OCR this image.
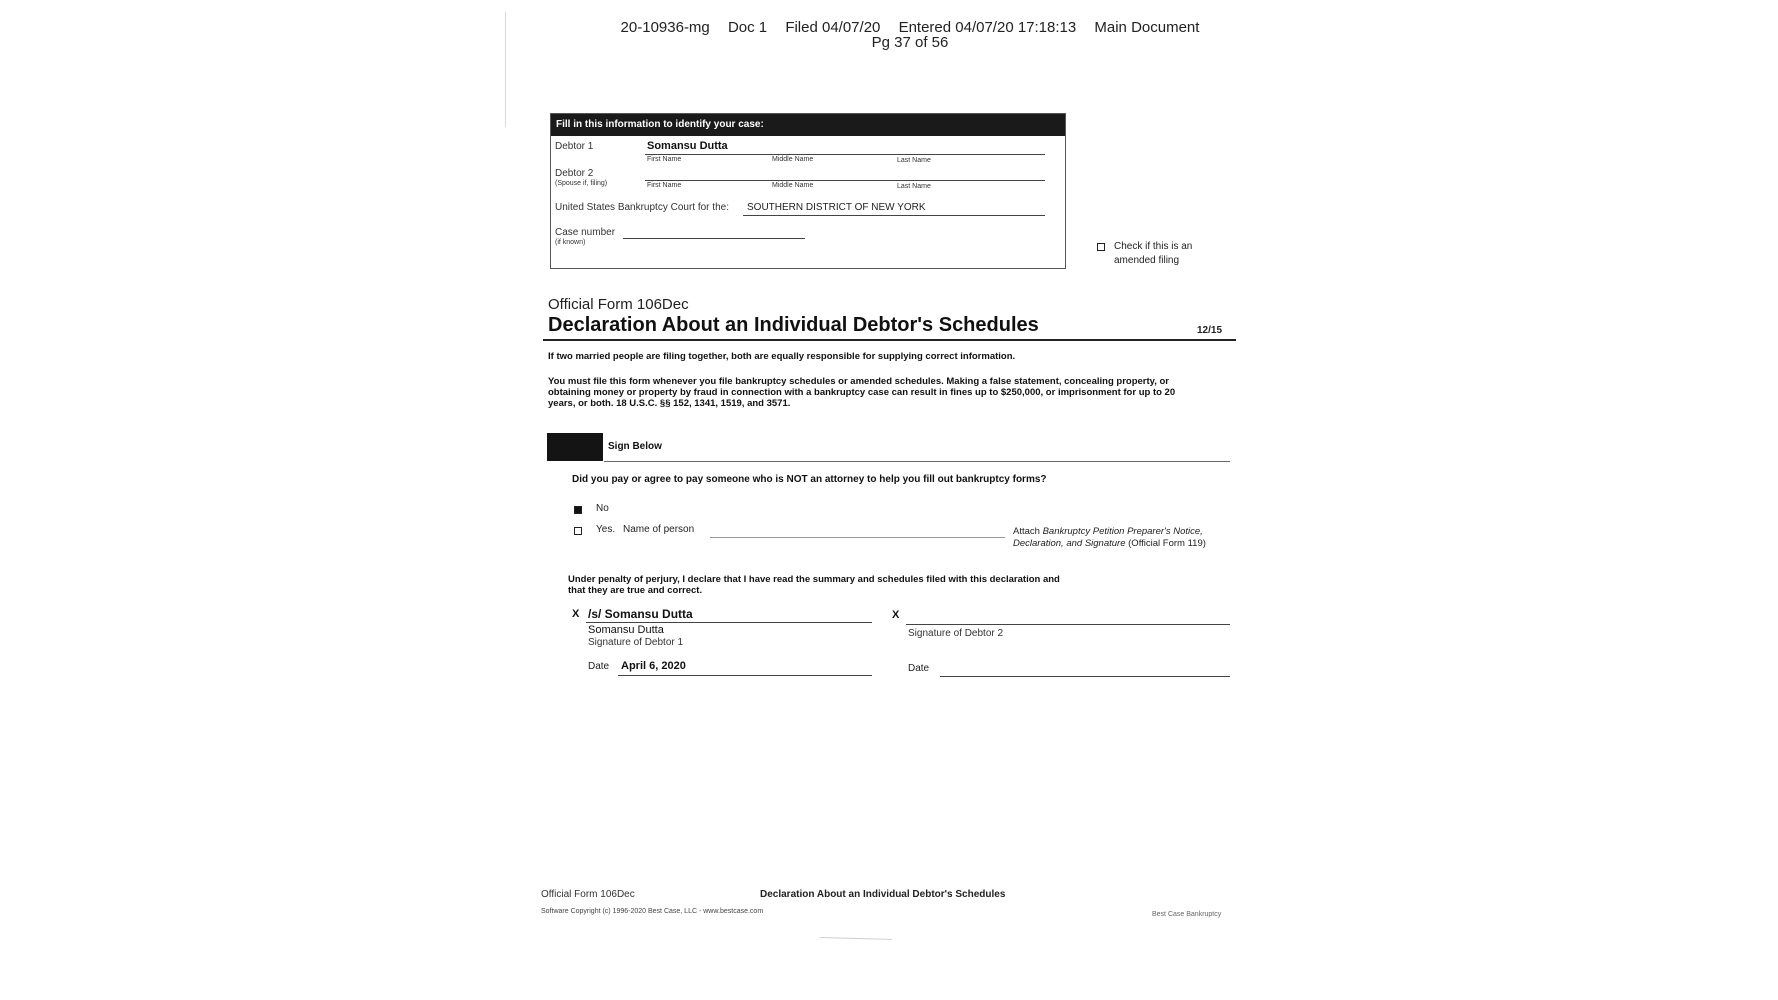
20-10936-mg Doc 1 Filed 04/07/20 Entered 04/07/20 17:18:13 Main Document
Pg 37 of 56
Fill in this information to identify your case:
Debtor 1	Somansu Dutta
First Name	Middle Name	Last Name
Debtor 2
(Spouse if, filing)	First Name	Middle Name	Last Name
United States Bankruptcy Court for the: SOUTHERN DISTRICT OF NEW YORK
Case number
(if known)	Check if this is an
amended filing
Official Form 106Dec
Declaration About an Individual Debtor's Schedules	12/15
If two married people are filing together, both are equally responsible for supplying correct information.
You must file this form whenever you file bankruptcy schedules or amended schedules. Making a false statement, concealing property, or
obtaining money or property by fraud in connection with a bankruptcy case can result in fines up to $250,000, or imprisonment for up to 20
years, or both. 18 U.S.C. §§ 152, 1341, 1519, and 3571.
Sign Below
Did you pay or agree to pay someone who is NOT an attorney to help you fill out bankruptcy forms?
No
Yes. Name of person	Attach Bankruptcy Petition Preparer's Notice,
Declaration, and Signature (Official Form 119)
Under penalty of perjury, I declare that I have read the summary and schedules filed with this declaration and
that they are true and correct.
X /s/ Somansu Dutta
Somansu Dutta
Signature of Debtor 1
Date April 6, 2020
X
Signature of Debtor 2
Date
Official Form 106Dec	Declaration About an Individual Debtor's Schedules
Software Copyright (c) 1996-2020 Best Case, LLC - www.bestcase.com	Best Case Bankruptcy
